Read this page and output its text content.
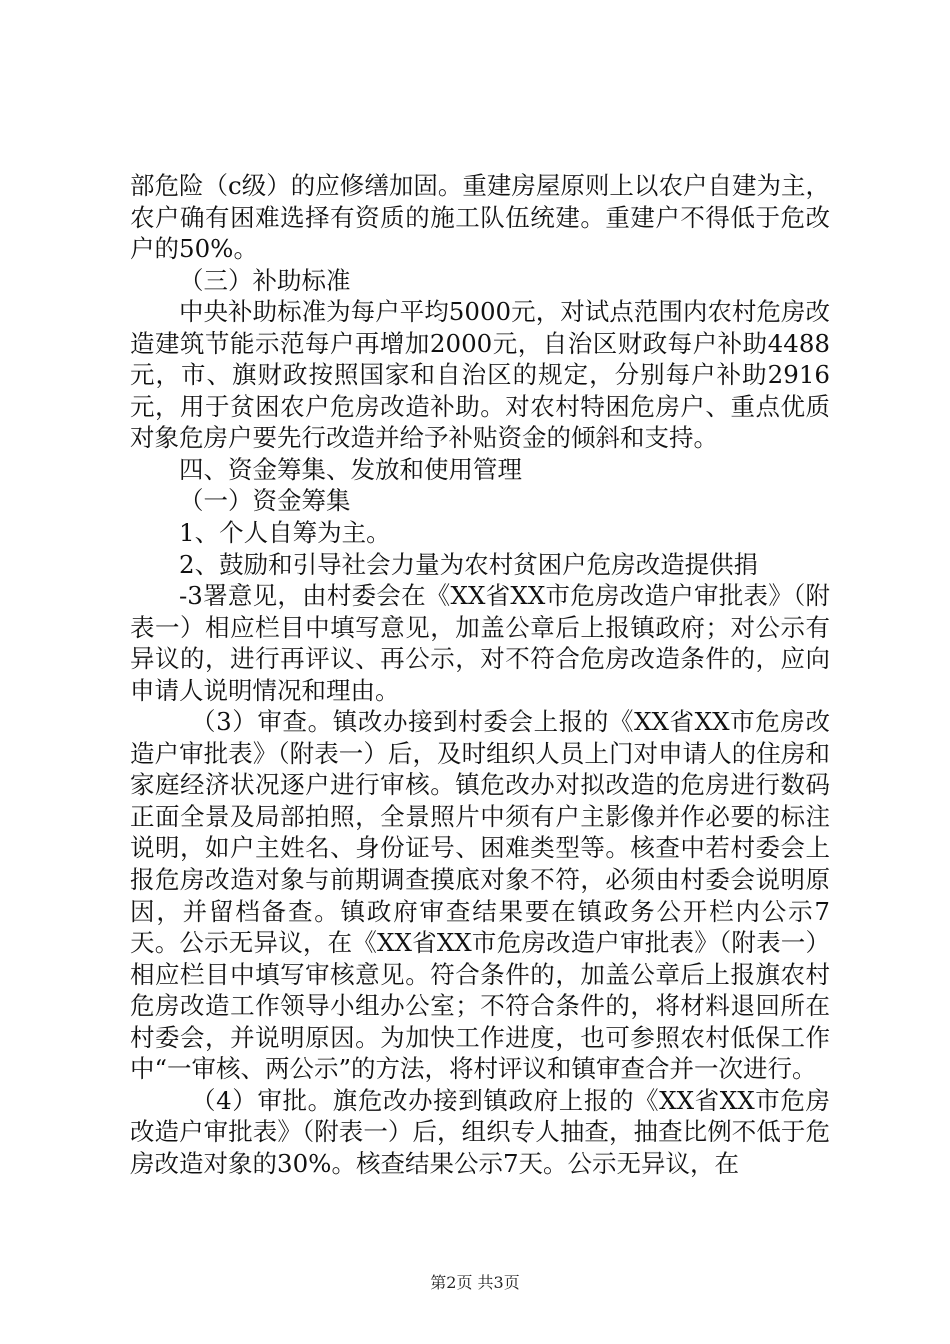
部危险（c级）的应修缮加固。重建房屋原则上以农户自建为主，农户确有困难选择有资质的施工队伍统建。重建户不得低于危改户的50%。

（三）补助标准

中央补助标准为每户平均5000元，对试点范围内农村危房改造建筑节能示范每户再增加2000元，自治区财政每户补助4488元，市、旗财政按照国家和自治区的规定，分别每户补助2916元，用于贫困农户危房改造补助。对农村特困危房户、重点优质对象危房户要先行改造并给予补贴资金的倾斜和支持。

四、资金筹集、发放和使用管理

（一）资金筹集

1、个人自筹为主。

2、鼓励和引导社会力量为农村贫困户危房改造提供捐

-3署意见，由村委会在《XX省XX市危房改造户审批表》（附表一）相应栏目中填写意见，加盖公章后上报镇政府；对公示有异议的，进行再评议、再公示，对不符合危房改造条件的，应向申请人说明情况和理由。

（3）审查。镇改办接到村委会上报的《XX省XX市危房改造户审批表》（附表一）后，及时组织人员上门对申请人的住房和家庭经济状况逐户进行审核。镇危改办对拟改造的危房进行数码正面全景及局部拍照，全景照片中须有户主影像并作必要的标注说明，如户主姓名、身份证号、困难类型等。核查中若村委会上报危房改造对象与前期调查摸底对象不符，必须由村委会说明原因，并留档备查。镇政府审查结果要在镇政务公开栏内公示7天。公示无异议，在《XX省XX市危房改造户审批表》（附表一）相应栏目中填写审核意见。符合条件的，加盖公章后上报旗农村危房改造工作领导小组办公室；不符合条件的，将材料退回所在村委会，并说明原因。为加快工作进度，也可参照农村低保工作中“一审核、两公示”的方法，将村评议和镇审查合并一次进行。

（4）审批。旗危改办接到镇政府上报的《XX省XX市危房改造户审批表》（附表一）后，组织专人抽查，抽查比例不低于危房改造对象的30%。核查结果公示7天。公示无异议，在

第2页 共3页
